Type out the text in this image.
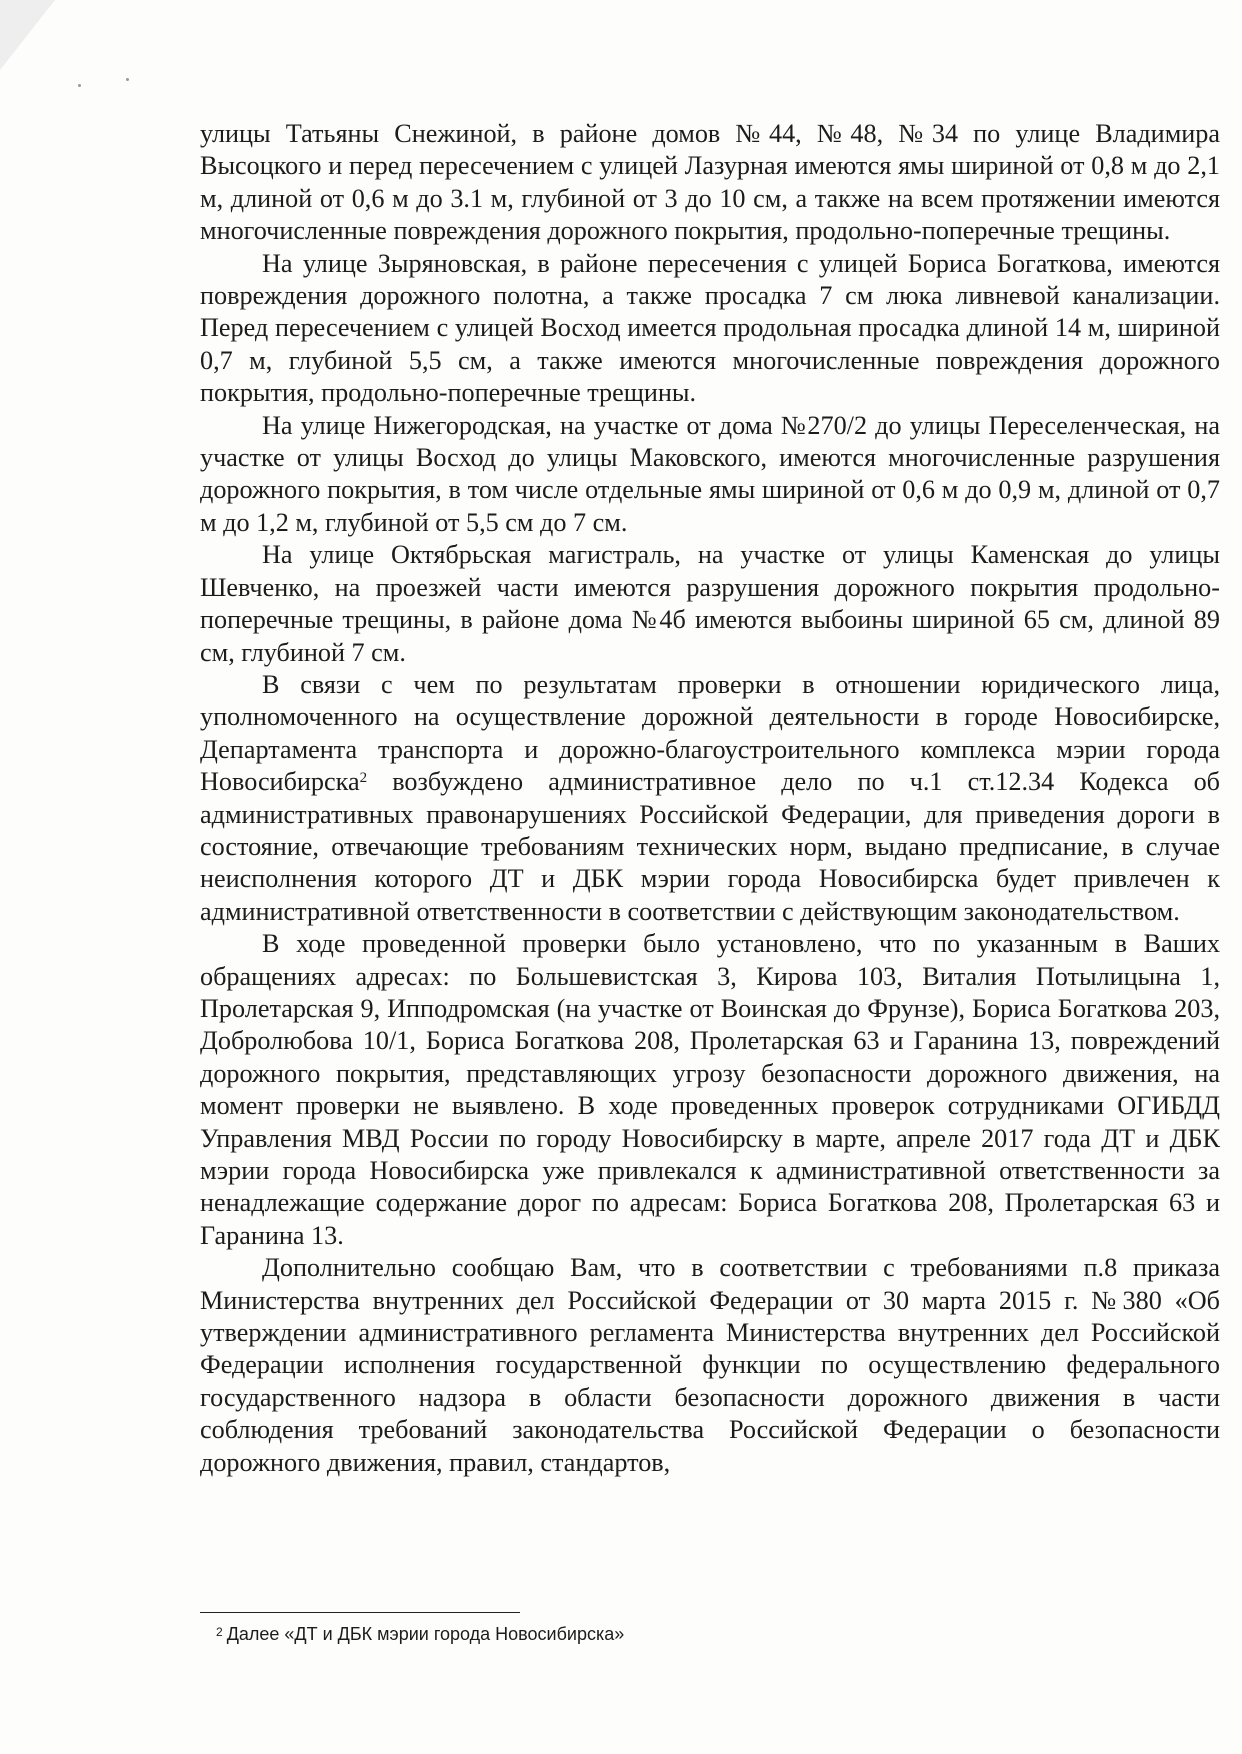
улицы Татьяны Снежиной, в районе домов №44, №48, №34 по улице Владимира Высоцкого и перед пересечением с улицей Лазурная имеются ямы шириной от 0,8 м до 2,1 м, длиной от 0,6 м до 3.1 м, глубиной от 3 до 10 см, а также на всем протяжении имеются многочисленные повреждения дорожного покрытия, продольно-поперечные трещины.

На улице Зыряновская, в районе пересечения с улицей Бориса Богаткова, имеются повреждения дорожного полотна, а также просадка 7 см люка ливневой канализации. Перед пересечением с улицей Восход имеется продольная просадка длиной 14 м, шириной 0,7 м, глубиной 5,5 см, а также имеются многочисленные повреждения дорожного покрытия, продольно-поперечные трещины.

На улице Нижегородская, на участке от дома №270/2 до улицы Переселенческая, на участке от улицы Восход до улицы Маковского, имеются многочисленные разрушения дорожного покрытия, в том числе отдельные ямы шириной от 0,6 м до 0,9 м, длиной от 0,7 м до 1,2 м, глубиной от 5,5 см до 7 см.

На улице Октябрьская магистраль, на участке от улицы Каменская до улицы Шевченко, на проезжей части имеются разрушения дорожного покрытия продольно-поперечные трещины, в районе дома №4б имеются выбоины шириной 65 см, длиной 89 см, глубиной 7 см.

В связи с чем по результатам проверки в отношении юридического лица, уполномоченного на осуществление дорожной деятельности в городе Новосибирске, Департамента транспорта и дорожно-благоустроительного комплекса мэрии города Новосибирска$^2$ возбуждено административное дело по ч.1 ст.12.34 Кодекса об административных правонарушениях Российской Федерации, для приведения дороги в состояние, отвечающие требованиям технических норм, выдано предписание, в случае неисполнения которого ДТ и ДБК мэрии города Новосибирска будет привлечен к административной ответственности в соответствии с действующим законодательством.

В ходе проведенной проверки было установлено, что по указанным в Ваших обращениях адресах: по Большевистская 3, Кирова 103, Виталия Потылицына 1, Пролетарская 9, Ипподромская (на участке от Воинская до Фрунзе), Бориса Богаткова 203, Добролюбова 10/1, Бориса Богаткова 208, Пролетарская 63 и Гаранина 13, повреждений дорожного покрытия, представляющих угрозу безопасности дорожного движения, на момент проверки не выявлено. В ходе проведенных проверок сотрудниками ОГИБДД Управления МВД России по городу Новосибирску в марте, апреле 2017 года ДТ и ДБК мэрии города Новосибирска уже привлекался к административной ответственности за ненадлежащие содержание дорог по адресам: Бориса Богаткова 208, Пролетарская 63 и Гаранина 13.

Дополнительно сообщаю Вам, что в соответствии с требованиями п.8 приказа Министерства внутренних дел Российской Федерации от 30 марта 2015 г. №380 «Об утверждении административного регламента Министерства внутренних дел Российской Федерации исполнения государственной функции по осуществлению федерального государственного надзора в области безопасности дорожного движения в части соблюдения требований законодательства Российской Федерации о безопасности дорожного движения, правил, стандартов,

$^2$ Далее «ДТ и ДБК мэрии города Новосибирска»
